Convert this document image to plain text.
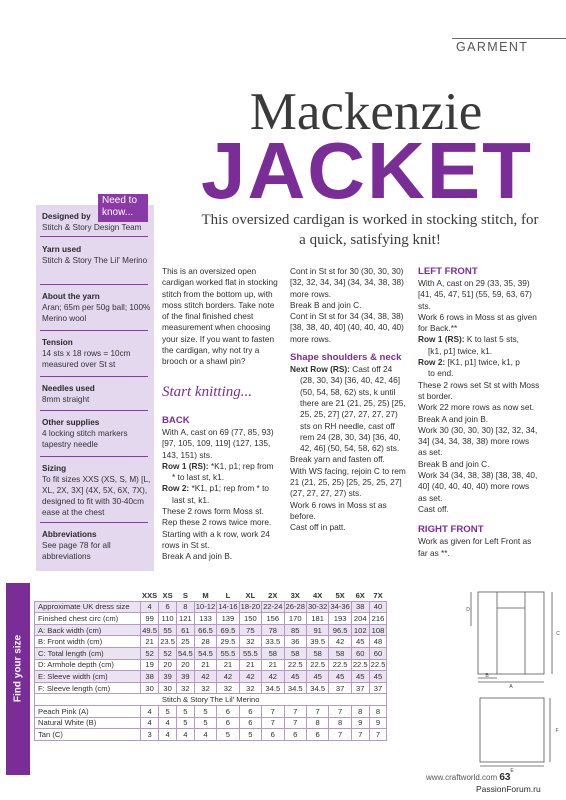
GARMENT
Mackenzie
JACKET
This oversized cardigan is worked in stocking stitch, for a quick, satisfying knit!
Need to know...
Designed by
Stitch & Story Design Team
Yarn used
Stitch & Story The Lil' Merino
About the yarn
Aran; 65m per 50g ball; 100% Merino wool
Tension
14 sts x 18 rows = 10cm measured over St st
Needles used
8mm straight
Other supplies
4 locking stitch markers tapestry needle
Sizing
To fit sizes XXS (XS, S, M) [L, XL, 2X, 3X] (4X, 5X, 6X, 7X), designed to fit with 30-40cm ease at the chest
Abbreviations
See page 78 for all abbreviations

This is an oversized open cardigan worked flat in stocking stitch from the bottom up, with moss stitch borders. Take note of the final finished chest measurement when choosing your size. If you want to fasten the cardigan, why not try a brooch or a shawl pin?

Start knitting...

BACK

With A, cast on 69 (77, 85, 93) [97, 105, 109, 119] (127, 135, 143, 151) sts.

Row 1 (RS): *K1, p1; rep from

* to last st, k1.

Row 2: *K1, p1; rep from * to

last st, k1.

These 2 rows form Moss st.

Rep these 2 rows twice more.

Starting with a k row, work 24 rows in St st.

Break A and join B.

Cont in St st for 30 (30, 30, 30) [32, 32, 34, 34] (34, 34, 38, 38) more rows.

Break B and join C.

Cont in St st for 34 (34, 38, 38) [38, 38, 40, 40] (40, 40, 40, 40) more rows.

Shape shoulders & neck

Next Row (RS): Cast off 24

(28, 30, 34) [36, 40, 42, 46] (50, 54, 58, 62) sts, k until there are 21 (21, 25, 25) [25, 25, 25, 27] (27, 27, 27, 27) sts on RH needle, cast off rem 24 (28, 30, 34) [36, 40, 42, 46] (50, 54, 58, 62) sts.

Break yarn and fasten off.

With WS facing, rejoin C to rem 21 (21, 25, 25) [25, 25, 25, 27] (27, 27, 27, 27) sts.

Work 6 rows in Moss st as before.

Cast off in patt.

LEFT FRONT

With A, cast on 29 (33, 35, 39) [41, 45, 47, 51] (55, 59, 63, 67) sts.

Work 6 rows in Moss st as given for Back.**

Row 1 (RS): K to last 5 sts,

[k1, p1] twice, k1.

Row 2: [K1, p1] twice, k1, p

to end.

These 2 rows set St st with Moss st border.

Work 22 more rows as now set.

Break A and join B.

Work 30 (30, 30, 30) [32, 32, 34, 34] (34, 34, 38, 38) more rows as set.

Break B and join C.

Work 34 (34, 38, 38) [38, 38, 40, 40] (40, 40, 40, 40) more rows as set.

Cast off.

RIGHT FRONT

Work as given for Left Front as far as **.

Find your size
	XXS	XS	S	M	L	XL	2X	3X	4X	5X	6X	7X
Approximate UK dress size	4	6	8	10-12	14-16	18-20	22-24	26-28	30-32	34-36	38	40
Finished chest circ (cm)	99	110	121	133	139	150	156	170	181	193	204	216
A: Back width (cm)	49.5	55	61	66.5	69.5	75	78	85	91	96.5	102	108
B: Front width (cm)	21	23.5	25	28	29.5	32	33.5	36	39.5	42	45	48
C: Total length (cm)	52	52	54.5	54.5	55.5	55.5	58	58	58	58	60	60
D: Armhole depth (cm)	19	20	20	21	21	21	21	22.5	22.5	22.5	22.5	22.5
E: Sleeve width (cm)	38	39	39	42	42	42	42	45	45	45	45	45
F: Sleeve length (cm)	30	30	32	32	32	32	34.5	34.5	34.5	37	37	37
Stitch & Story The Lil' Merino												
Peach Pink (A)	4	5	5	5	6	6	7	7	7	7	8	8
Natural White (B)	4	4	5	5	6	6	7	7	8	8	9	9
Tan (C)	3	4	4	4	5	5	6	6	6	7	7	7
A
B
C
D
E
F
www.craftworld.com 63
PassionForum.ru
